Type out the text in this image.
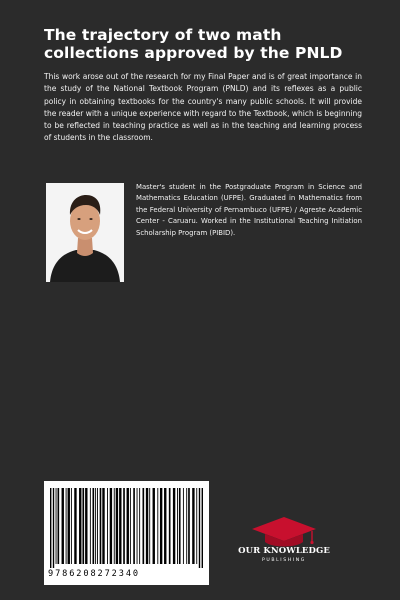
The trajectory of two math collections approved by the PNLD

This work arose out of the research for my Final Paper and is of great importance in the study of the National Textbook Program (PNLD) and its reflexes as a public policy in obtaining textbooks for the country's many public schools. It will provide the reader with a unique experience with regard to the Textbook, which is beginning to be reflected in teaching practice as well as in the teaching and learning process of students in the classroom.

Master's student in the Postgraduate Program in Science and Mathematics Education (UFPE). Graduated in Mathematics from the Federal University of Pernambuco (UFPE) / Agreste Academic Center - Caruaru. Worked in the Institutional Teaching Initiation Scholarship Program (PIBID).

9786208272340
OUR KNOWLEDGE
PUBLISHING
